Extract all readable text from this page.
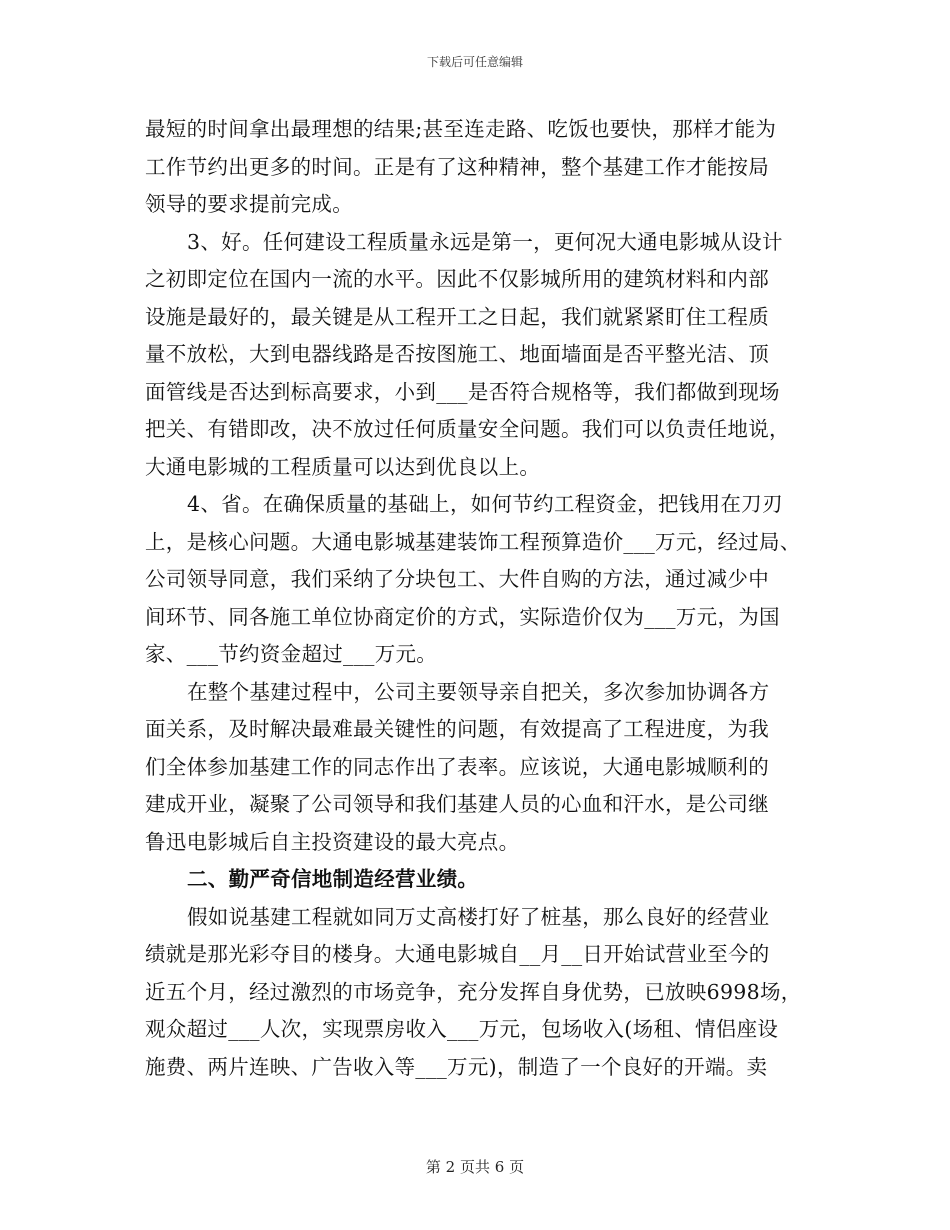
下载后可任意编辑
最短的时间拿出最理想的结果;甚至连走路、吃饭也要快，那样才能为
工作节约出更多的时间。正是有了这种精神，整个基建工作才能按局
领导的要求提前完成。
3、好。任何建设工程质量永远是第一，更何况大通电影城从设计
之初即定位在国内一流的水平。因此不仅影城所用的建筑材料和内部
设施是最好的，最关键是从工程开工之日起，我们就紧紧盯住工程质
量不放松，大到电器线路是否按图施工、地面墙面是否平整光洁、顶
面管线是否达到标高要求，小到___是否符合规格等，我们都做到现场
把关、有错即改，决不放过任何质量安全问题。我们可以负责任地说，
大通电影城的工程质量可以达到优良以上。
4、省。在确保质量的基础上，如何节约工程资金，把钱用在刀刃
上，是核心问题。大通电影城基建装饰工程预算造价___万元，经过局、
公司领导同意，我们采纳了分块包工、大件自购的方法，通过减少中
间环节、同各施工单位协商定价的方式，实际造价仅为___万元，为国
家、___节约资金超过___万元。
在整个基建过程中，公司主要领导亲自把关，多次参加协调各方
面关系，及时解决最难最关键性的问题，有效提高了工程进度，为我
们全体参加基建工作的同志作出了表率。应该说，大通电影城顺利的
建成开业，凝聚了公司领导和我们基建人员的心血和汗水，是公司继
鲁迅电影城后自主投资建设的最大亮点。
二、勤严奇信地制造经营业绩。
假如说基建工程就如同万丈高楼打好了桩基，那么良好的经营业
绩就是那光彩夺目的楼身。大通电影城自__月__日开始试营业至今的
近五个月，经过激烈的市场竞争，充分发挥自身优势，已放映6998场，
观众超过___人次，实现票房收入___万元，包场收入(场租、情侣座设
施费、两片连映、广告收入等___万元)，制造了一个良好的开端。卖
第 2 页共 6 页
